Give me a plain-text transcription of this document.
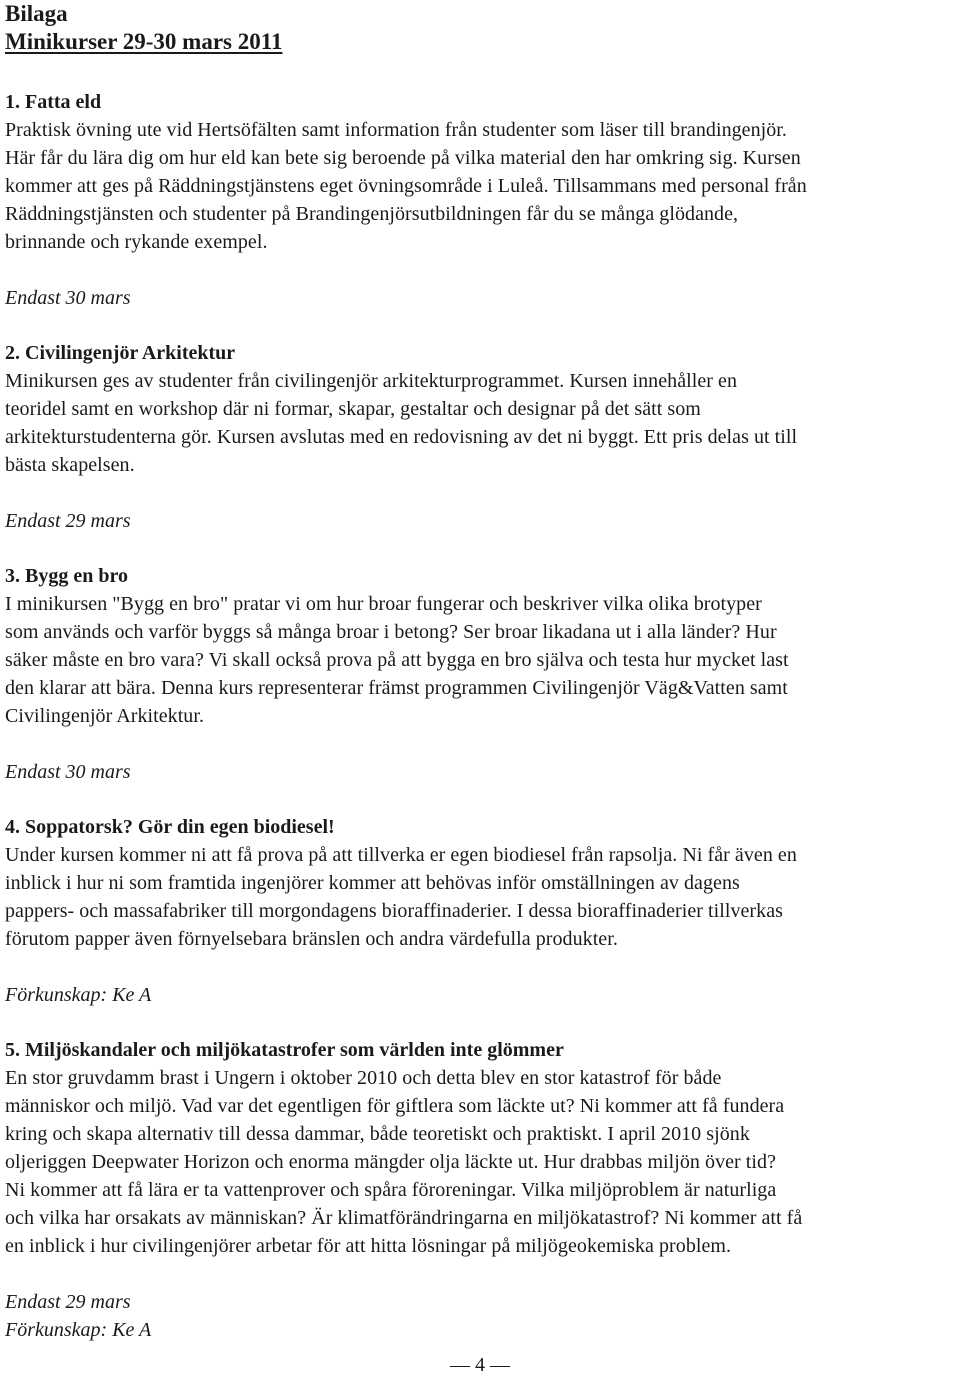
Bilaga

Minikurser 29-30 mars 2011

1. Fatta eld

Praktisk övning ute vid Hertsöfälten samt information från studenter som läser till brandingenjör.

Här får du lära dig om hur eld kan bete sig beroende på vilka material den har omkring sig. Kursen

kommer att ges på Räddningstjänstens eget övningsområde i Luleå. Tillsammans med personal från

Räddningstjänsten och studenter på Brandingenjörsutbildningen får du se många glödande,

brinnande och rykande exempel.

Endast 30 mars

2. Civilingenjör Arkitektur

Minikursen ges av studenter från civilingenjör arkitekturprogrammet. Kursen innehåller en

teoridel samt en workshop där ni formar, skapar, gestaltar och designar på det sätt som

arkitekturstudenterna gör. Kursen avslutas med en redovisning av det ni byggt. Ett pris delas ut till

bästa skapelsen.

Endast 29 mars

3. Bygg en bro

I minikursen "Bygg en bro" pratar vi om hur broar fungerar och beskriver vilka olika brotyper

som används och varför byggs så många broar i betong? Ser broar likadana ut i alla länder? Hur

säker måste en bro vara? Vi skall också prova på att bygga en bro själva och testa hur mycket last

den klarar att bära. Denna kurs representerar främst programmen Civilingenjör Väg&Vatten samt

Civilingenjör Arkitektur.

Endast 30 mars

4. Soppatorsk? Gör din egen biodiesel!

Under kursen kommer ni att få prova på att tillverka er egen biodiesel från rapsolja. Ni får även en

inblick i hur ni som framtida ingenjörer kommer att behövas inför omställningen av dagens

pappers- och massafabriker till morgondagens bioraffinaderier. I dessa bioraffinaderier tillverkas

förutom papper även förnyelsebara bränslen och andra värdefulla produkter.

Förkunskap: Ke A

5. Miljöskandaler och miljökatastrofer som världen inte glömmer

En stor gruvdamm brast i Ungern i oktober 2010 och detta blev en stor katastrof för både

människor och miljö. Vad var det egentligen för giftlera som läckte ut? Ni kommer att få fundera

kring och skapa alternativ till dessa dammar, både teoretiskt och praktiskt. I april 2010 sjönk

oljeriggen Deepwater Horizon och enorma mängder olja läckte ut. Hur drabbas miljön över tid?

Ni kommer att få lära er ta vattenprover och spåra föroreningar. Vilka miljöproblem är naturliga

och vilka har orsakats av människan? Är klimatförändringarna en miljökatastrof? Ni kommer att få

en inblick i hur civilingenjörer arbetar för att hitta lösningar på miljögeokemiska problem.

Endast 29 mars

Förkunskap: Ke A

— 4 —
